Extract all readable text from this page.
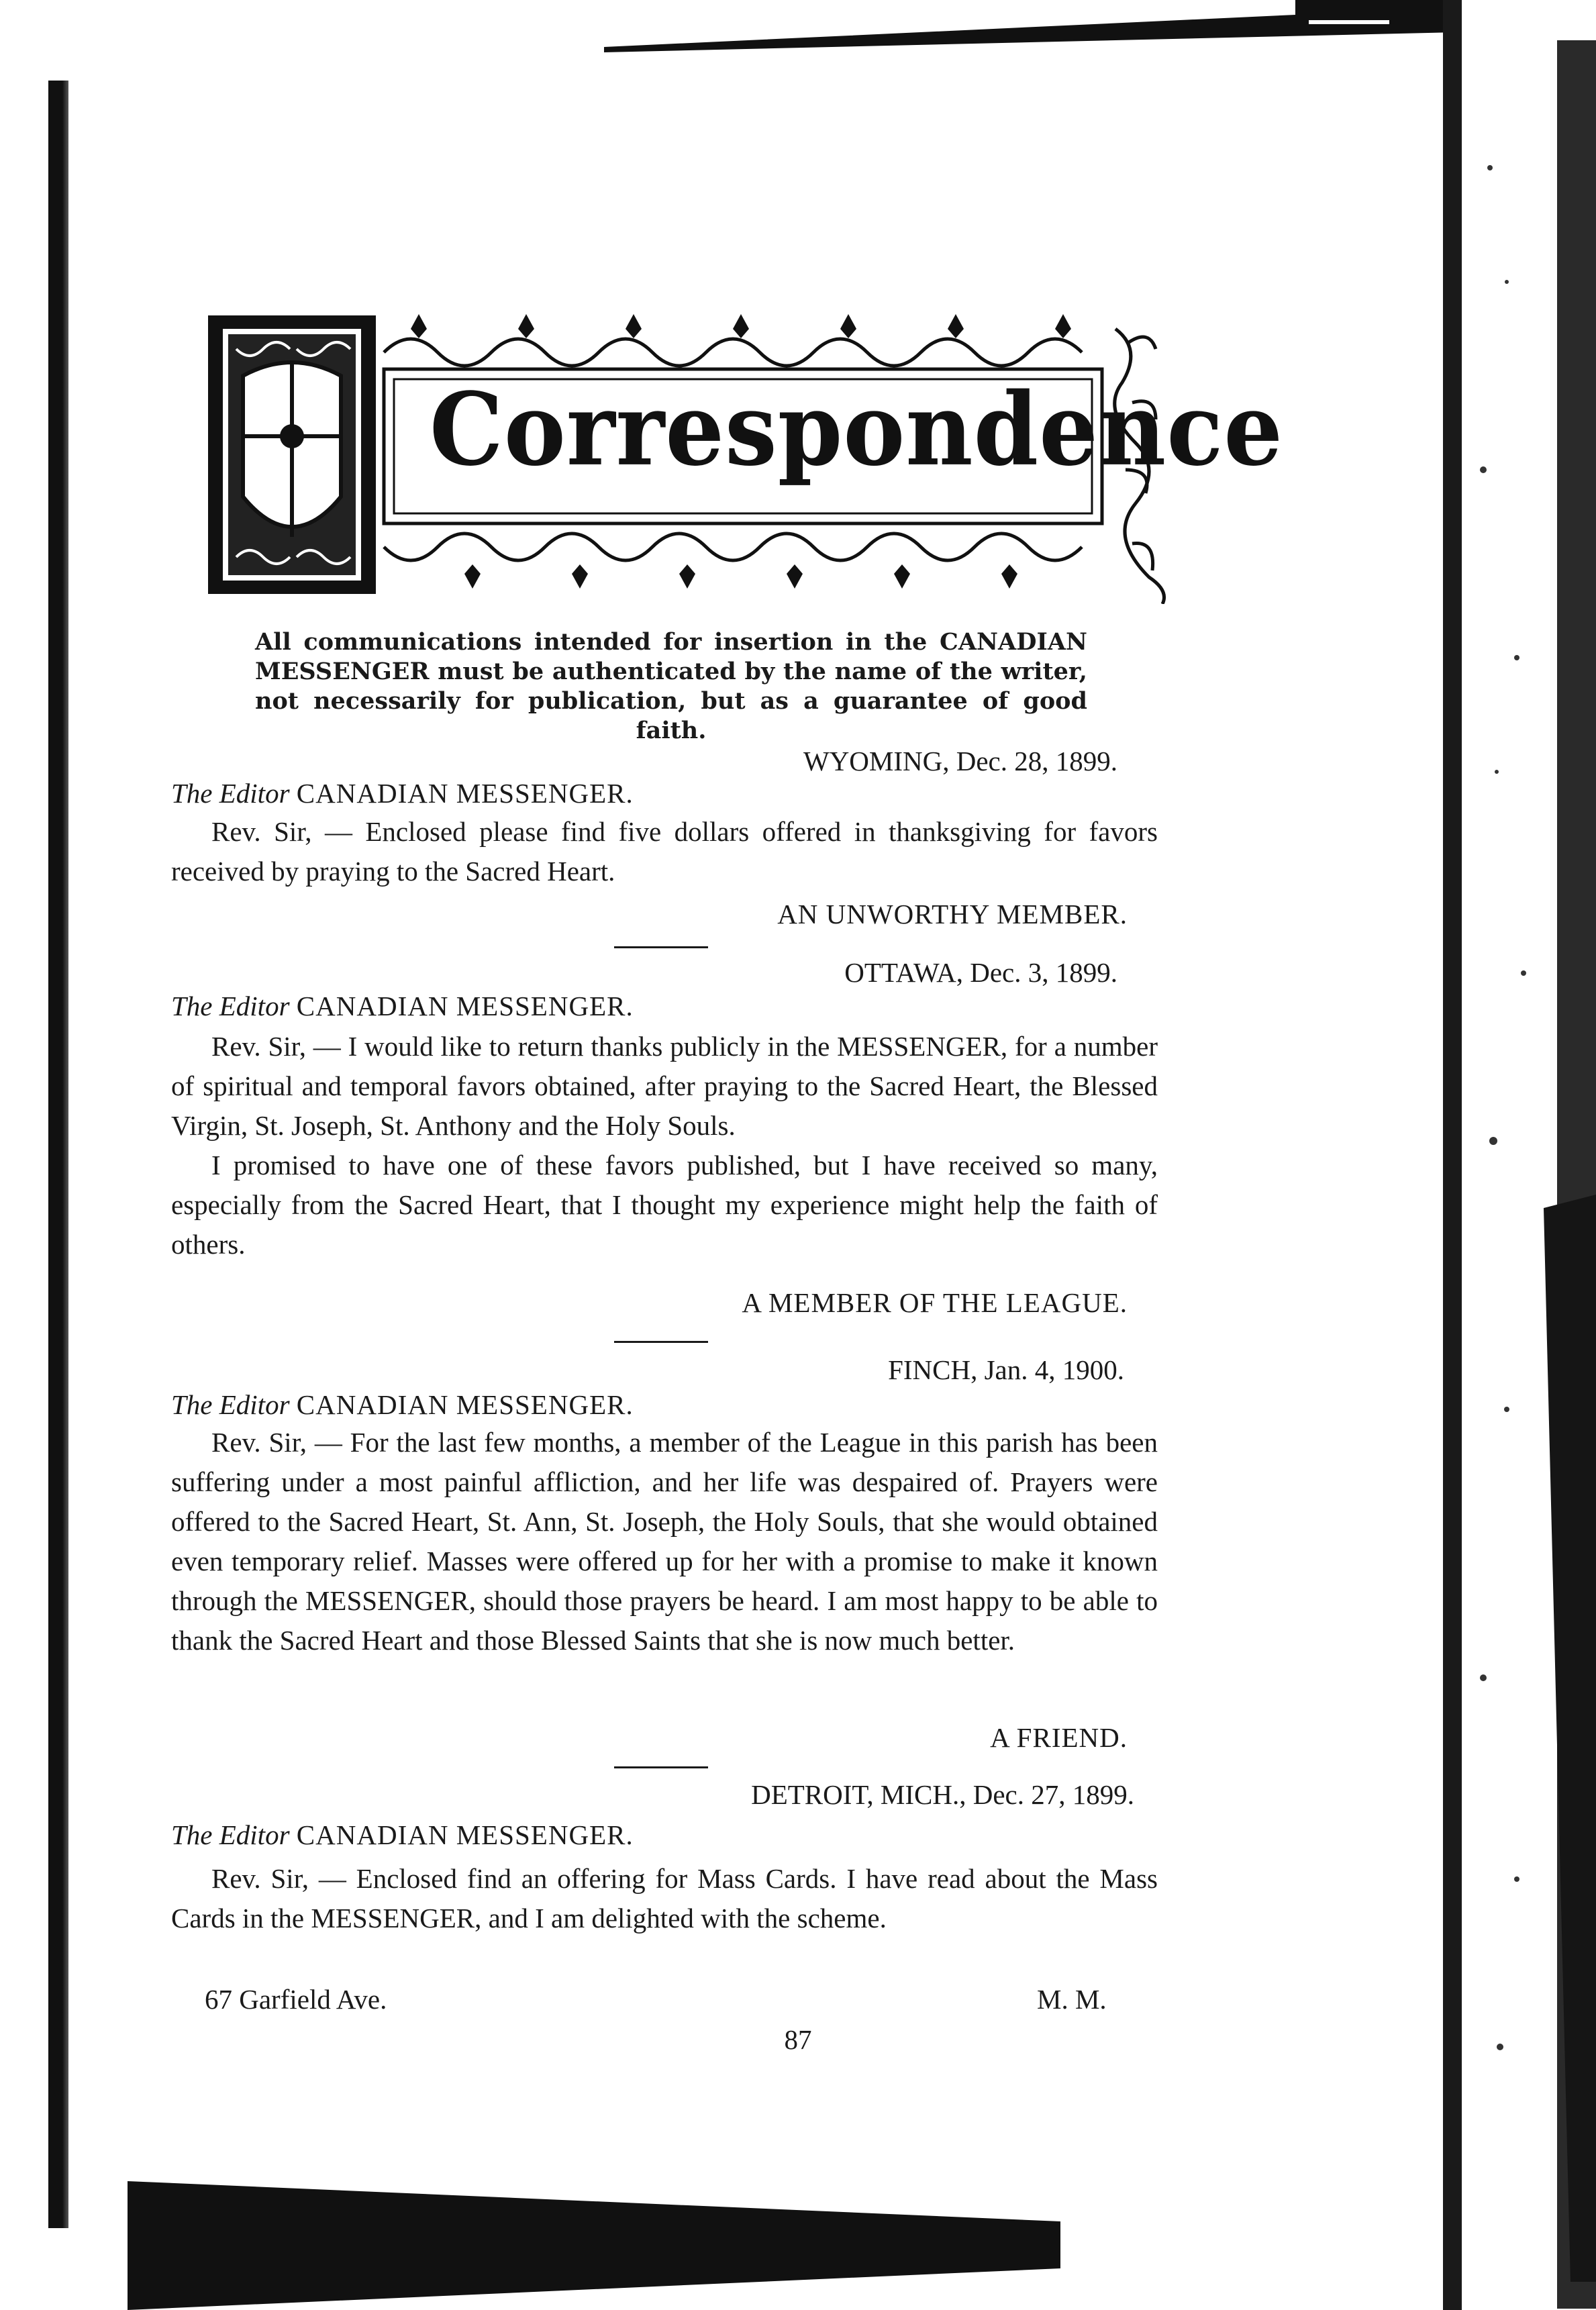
Correspondence
All communications intended for insertion in the CANADIAN MESSENGER must be authenticated by the name of the writer, not necessarily for publication, but as a guarantee of good faith.
WYOMING, Dec. 28, 1899.
The Editor CANADIAN MESSENGER.

Rev. Sir, — Enclosed please find five dollars offered in thanksgiving for favors received by praying to the Sacred Heart.

AN UNWORTHY MEMBER.
OTTAWA, Dec. 3, 1899.
The Editor CANADIAN MESSENGER.

Rev. Sir, — I would like to return thanks publicly in the MESSENGER, for a number of spiritual and temporal favors obtained, after praying to the Sacred Heart, the Blessed Virgin, St. Joseph, St. Anthony and the Holy Souls.

I promised to have one of these favors published, but I have received so many, especially from the Sacred Heart, that I thought my experience might help the faith of others.

A MEMBER OF THE LEAGUE.
FINCH, Jan. 4, 1900.
The Editor CANADIAN MESSENGER.

Rev. Sir, — For the last few months, a member of the League in this parish has been suffering under a most painful affliction, and her life was despaired of. Prayers were offered to the Sacred Heart, St. Ann, St. Joseph, the Holy Souls, that she would obtained even temporary relief. Masses were offered up for her with a promise to make it known through the MESSENGER, should those prayers be heard. I am most happy to be able to thank the Sacred Heart and those Blessed Saints that she is now much better.

A FRIEND.
DETROIT, MICH., Dec. 27, 1899.
The Editor CANADIAN MESSENGER.

Rev. Sir, — Enclosed find an offering for Mass Cards. I have read about the Mass Cards in the MESSENGER, and I am delighted with the scheme.

67 Garfield Ave.	M. M.
87
